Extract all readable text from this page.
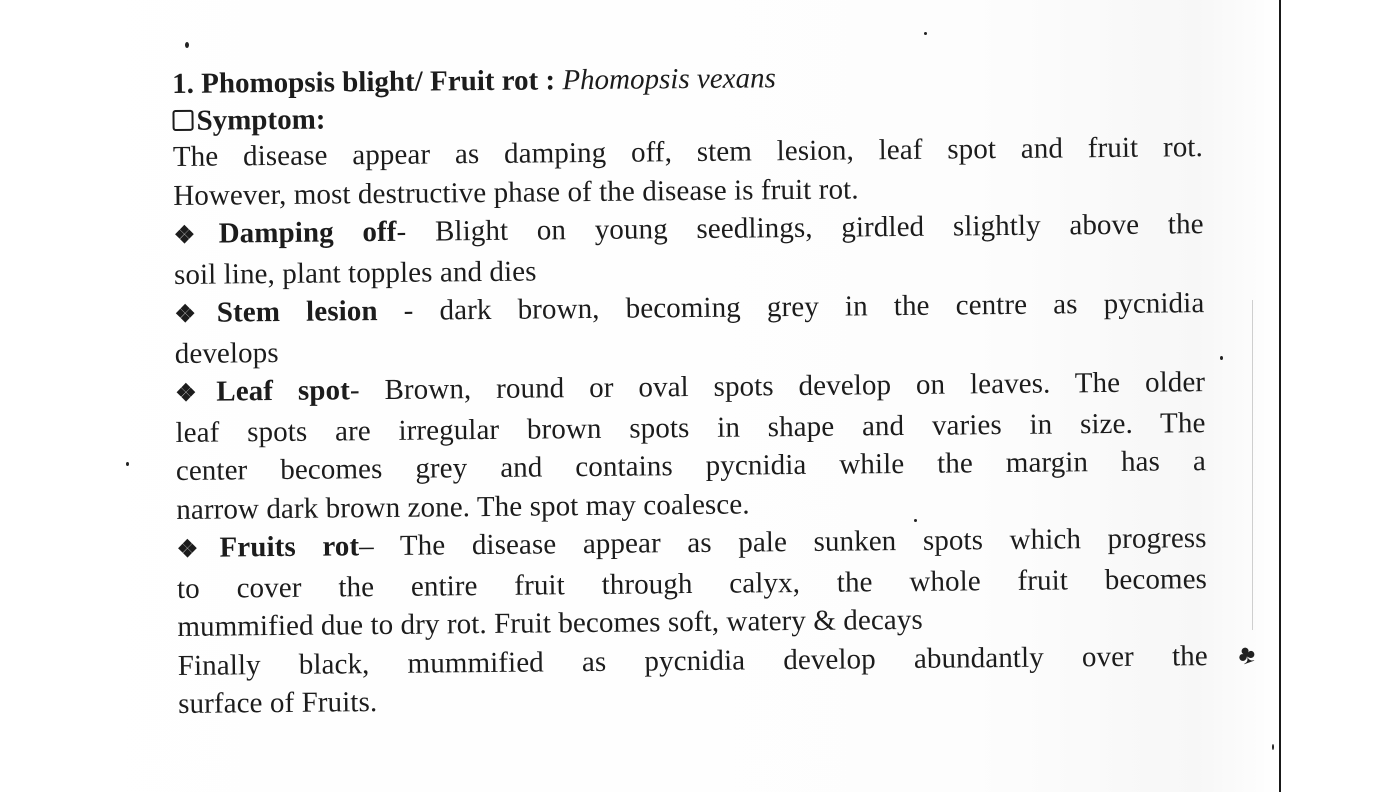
♣
1. Phomopsis blight/ Fruit rot : Phomopsis vexans
Symptom:
The disease appear as damping off, stem lesion, leaf spot and fruit rot.
However, most destructive phase of the disease is fruit rot.
❖Damping off- Blight on young seedlings, girdled slightly above the
soil line, plant topples and dies
❖Stem lesion - dark brown, becoming grey in the centre as pycnidia
develops
❖Leaf spot- Brown, round or oval spots develop on leaves. The older
leaf spots are irregular brown spots in shape and varies in size. The
center becomes grey and contains pycnidia while the margin has a
narrow dark brown zone. The spot may coalesce.
❖Fruits rot– The disease appear as pale sunken spots which progress
to cover the entire fruit through calyx, the whole fruit becomes
mummified due to dry rot. Fruit becomes soft, watery & decays
Finally black, mummified as pycnidia develop abundantly over the
surface of Fruits.
